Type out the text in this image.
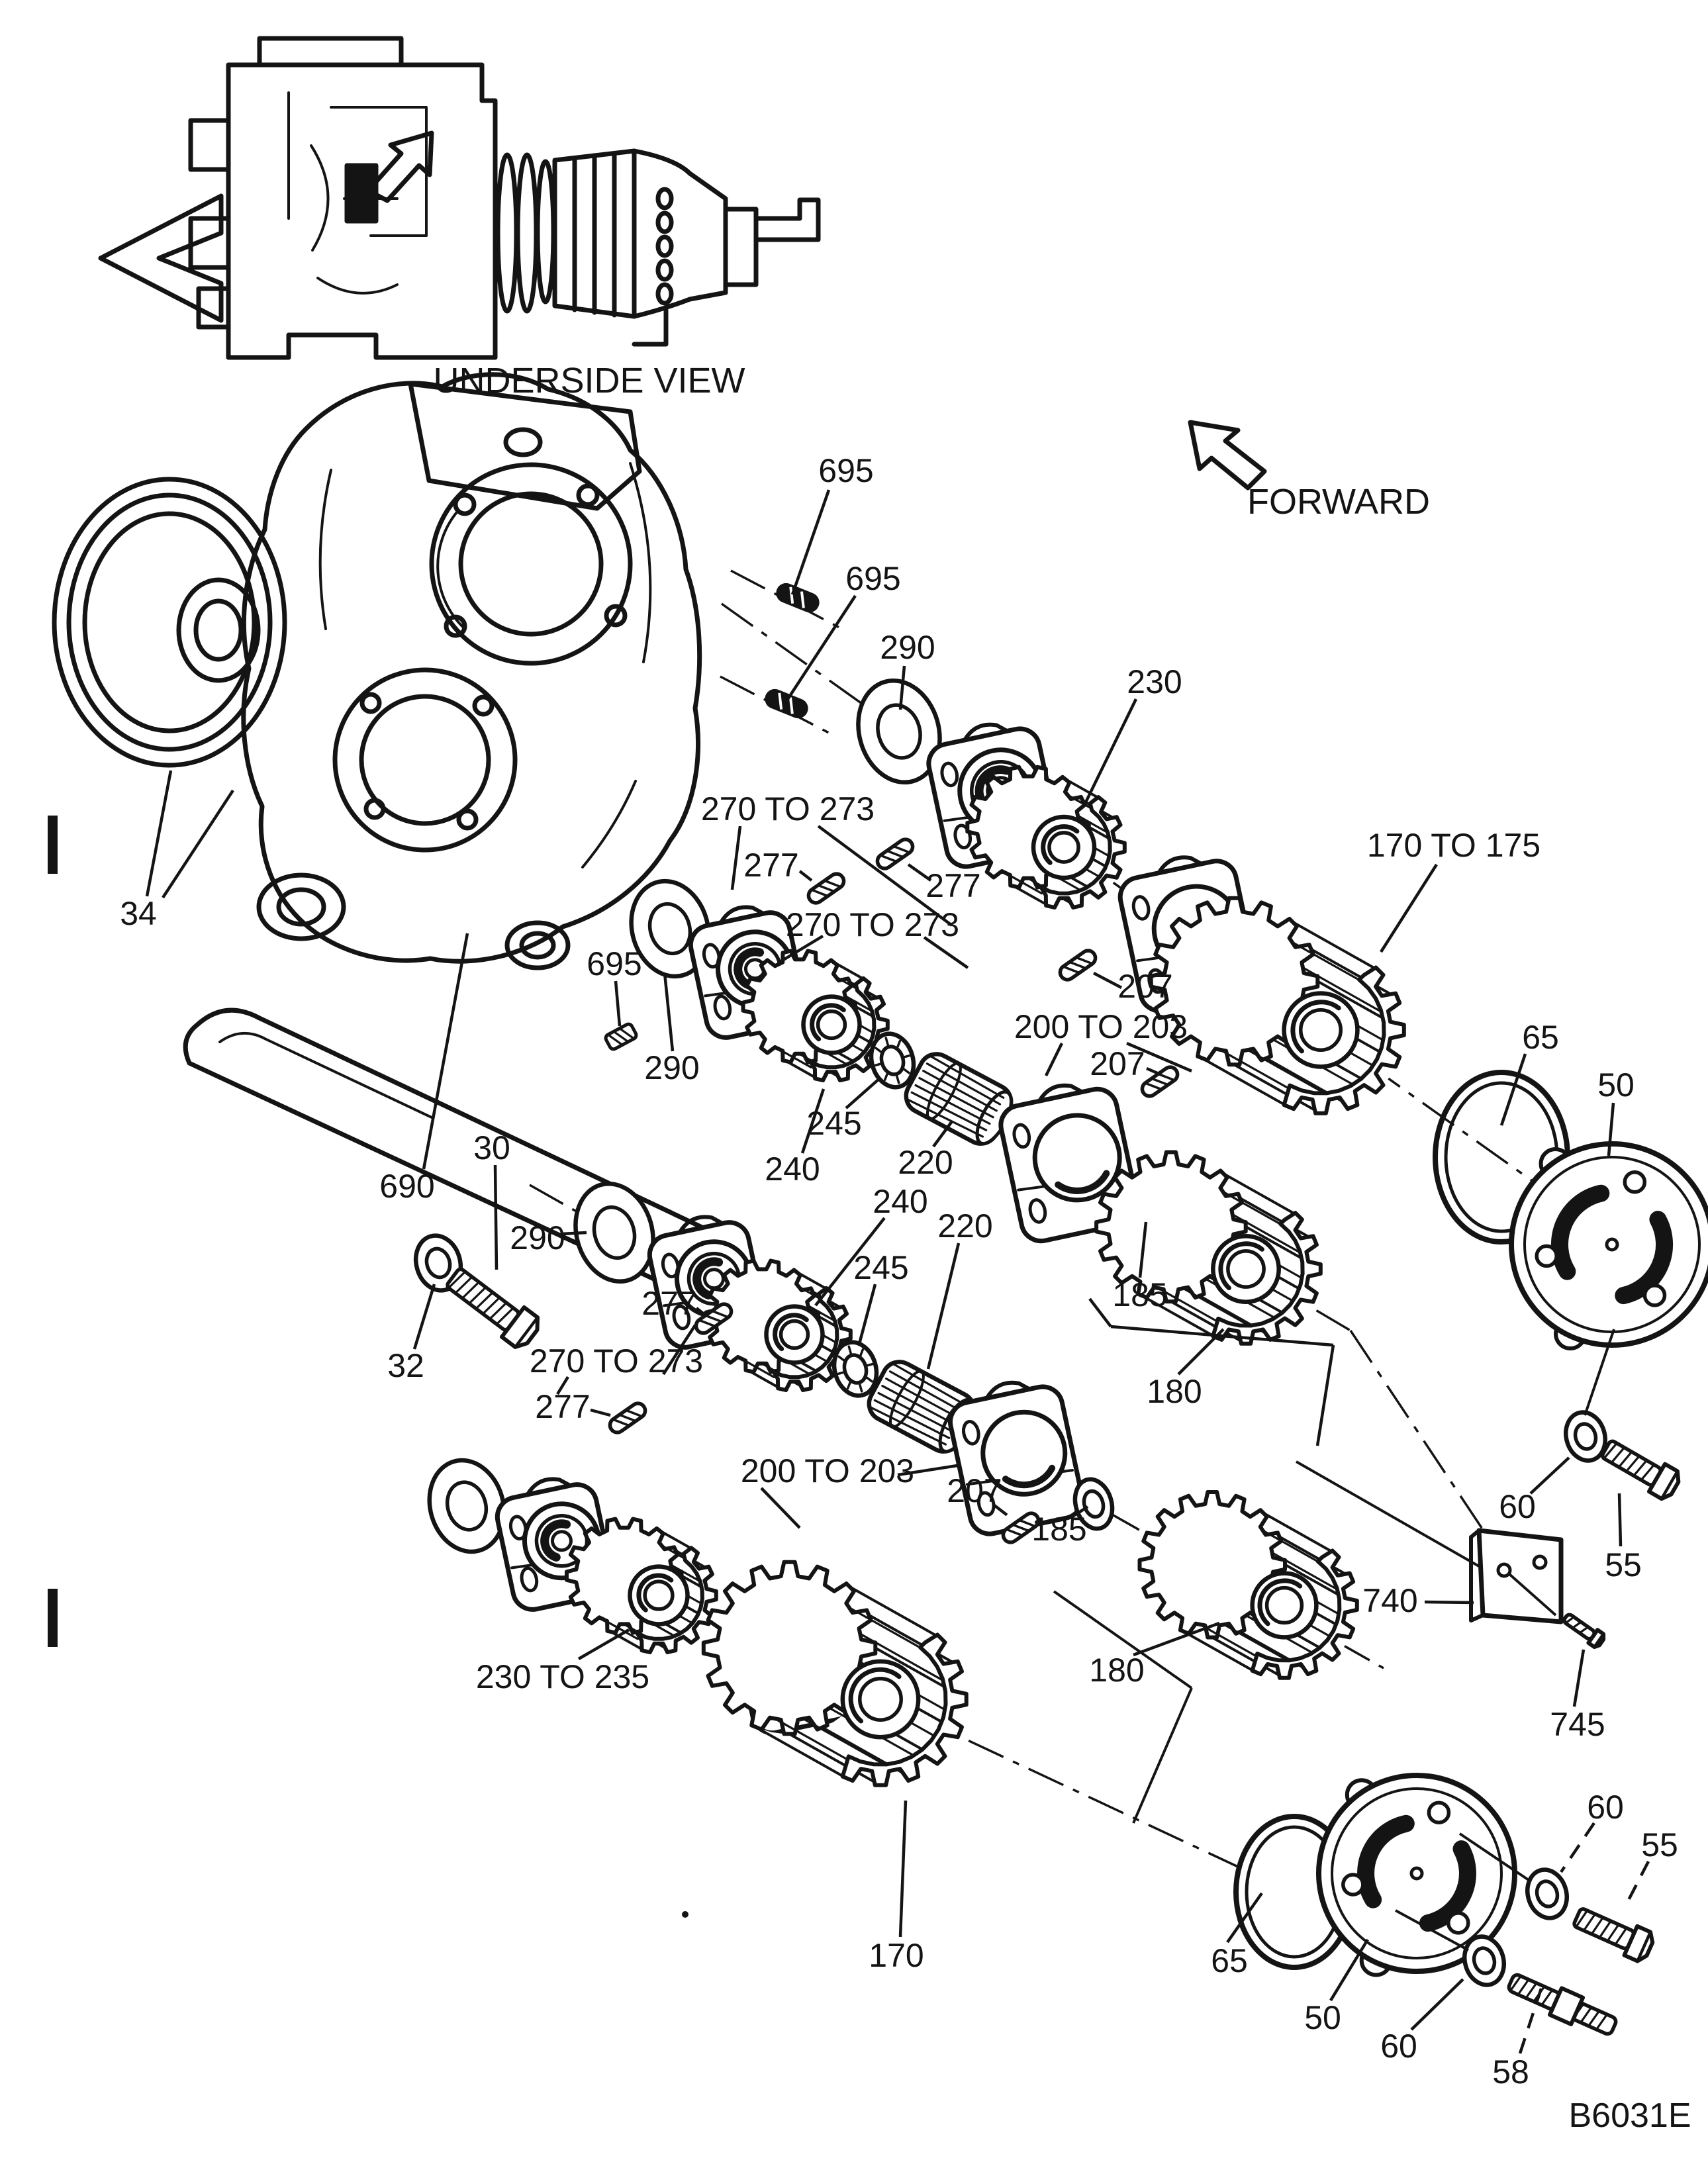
UNDERSIDE VIEW
FORWARD
B6031E
695
695
290
230
270 TO 273
277
277
270 TO 273
170 TO 175
695
290
207
200 TO 203
207
65
50
245
240 220
240
220
245
34
30
690
290
277
32	270 TO 273
277
185
180
185
180
200 TO 203
207
230 TO 235
740
745
60
55
170	65
60
55
50
60
58
